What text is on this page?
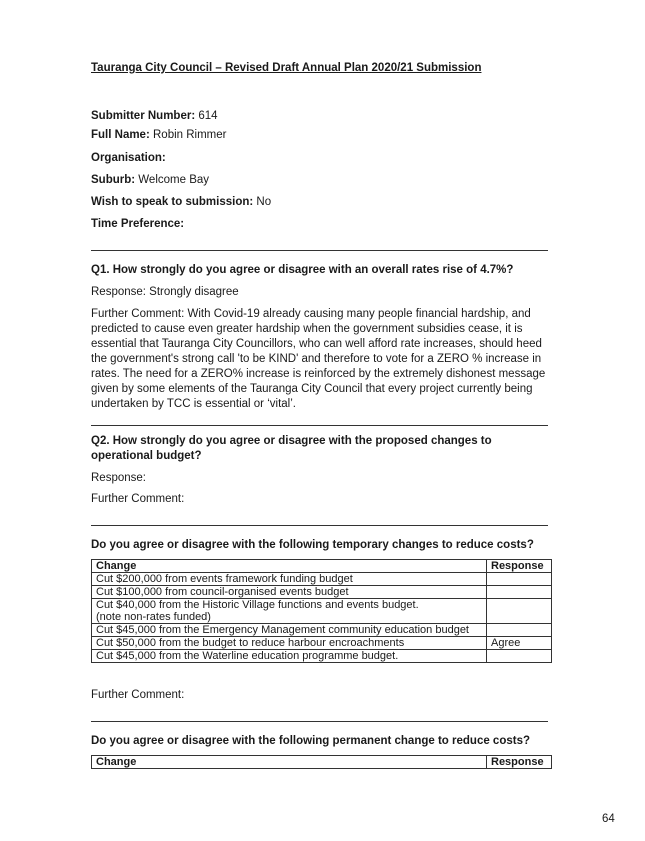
Tauranga City Council – Revised Draft Annual Plan 2020/21 Submission
Submitter Number: 614
Full Name: Robin Rimmer
Organisation:
Suburb: Welcome Bay
Wish to speak to submission: No
Time Preference:
Q1. How strongly do you agree or disagree with an overall rates rise of 4.7%?
Response: Strongly disagree
Further Comment: With Covid-19 already causing many people financial hardship, and predicted to cause even greater hardship when the government subsidies cease, it is essential that Tauranga City Councillors, who can well afford rate increases, should heed the government's strong call 'to be KIND' and therefore to vote for a ZERO % increase in rates. The need for a ZERO% increase is reinforced by the extremely dishonest message given by some elements of the Tauranga City Council that every project currently being undertaken by TCC is essential or ‘vital’.
Q2. How strongly do you agree or disagree with the proposed changes to operational budget?
Response:
Further Comment:
Do you agree or disagree with the following temporary changes to reduce costs?
Change	Response
Cut $200,000 from events framework funding budget	
Cut $100,000 from council-organised events budget	
Cut $40,000 from the Historic Village functions and events budget.
(note non-rates funded)	
Cut $45,000 from the Emergency Management community education budget	
Cut $50,000 from the budget to reduce harbour encroachments	Agree
Cut $45,000 from the Waterline education programme budget.	
Further Comment:
Do you agree or disagree with the following permanent change to reduce costs?
Change	Response
64
